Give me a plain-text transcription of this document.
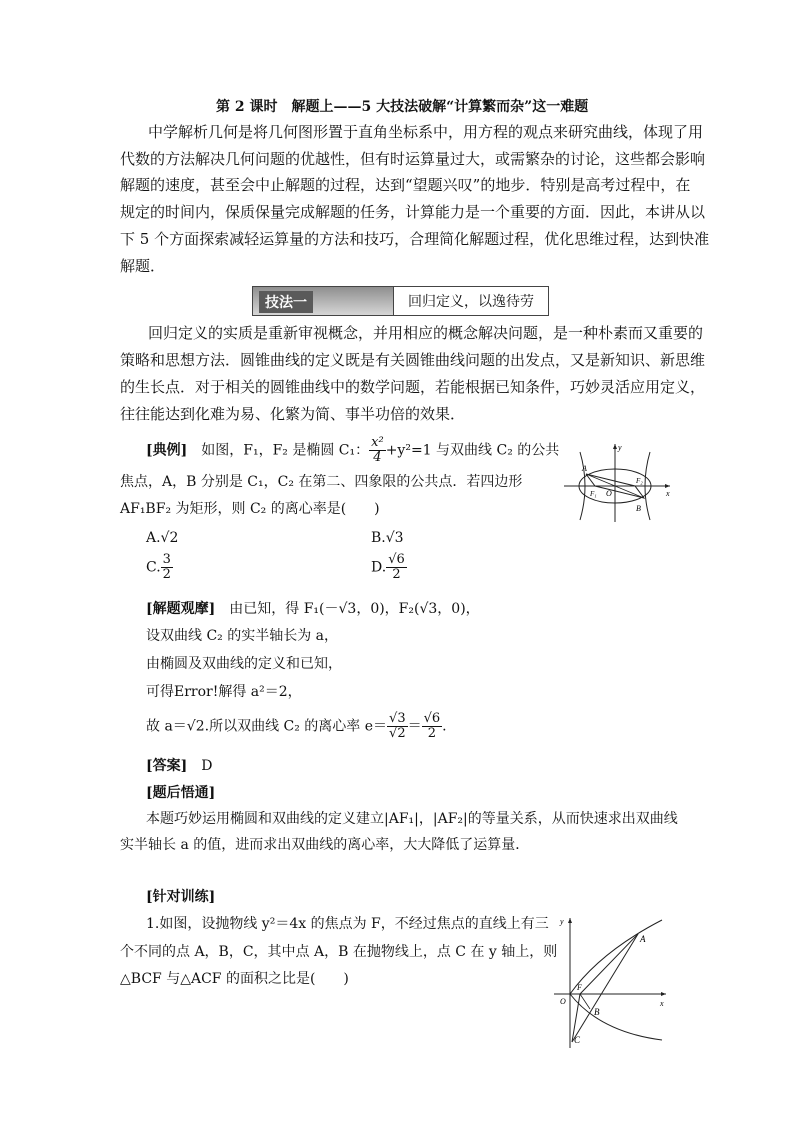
第 2 课时　解题上——5 大技法破解“计算繁而杂”这一难题
中学解析几何是将几何图形置于直角坐标系中，用方程的观点来研究曲线，体现了用
代数的方法解决几何问题的优越性，但有时运算量过大，或需繁杂的讨论，这些都会影响
解题的速度，甚至会中止解题的过程，达到“望题兴叹”的地步．特别是高考过程中，在
规定的时间内，保质保量完成解题的任务，计算能力是一个重要的方面．因此，本讲从以
下 5 个方面探索减轻运算量的方法和技巧，合理简化解题过程，优化思维过程，达到快准
解题．
技法一	回归定义，以逸待劳
回归定义的实质是重新审视概念，并用相应的概念解决问题，是一种朴素而又重要的
策略和思想方法．圆锥曲线的定义既是有关圆锥曲线问题的出发点，又是新知识、新思维
的生长点．对于相关的圆锥曲线中的数学问题，若能根据已知条件，巧妙灵活应用定义，
往往能达到化难为易、化繁为简、事半功倍的效果．
[典例]　如图，F₁，F₂ 是椭圆 C₁： $\frac{\text{x²}}{4} +y^2=1$ 与双曲线 C₂ 的公共
焦点，A，B 分别是 C₁，C₂ 在第二、四象限的公共点．若四边形
AF₁BF₂ 为矩形，则 C₂ 的离心率是(　　)
y
x
A
B
O
F₁
F₂
A.√2	B.√3
C. $\frac{3}{2}$	D. $\frac{√6}{2}$
[解题观摩]　由已知，得 F₁(－√3，0)，F₂(√3，0)，
设双曲线 C₂ 的实半轴长为 a，
由椭圆及双曲线的定义和已知，
可得Error!解得 a²＝2，
故 a＝√2.所以双曲线 C₂ 的离心率 $e= \frac{√3}{√2} = \frac{√6}{2}$ .
[答案]　D
[题后悟通]
本题巧妙运用椭圆和双曲线的定义建立|AF₁|，|AF₂|的等量关系，从而快速求出双曲线
实半轴长 a 的值，进而求出双曲线的离心率，大大降低了运算量．
[针对训练]
1.如图，设抛物线 y²＝4x 的焦点为 F，不经过焦点的直线上有三
个不同的点 A，B，C，其中点 A，B 在抛物线上，点 C 在 y 轴上，则
△BCF 与△ACF 的面积之比是(　　)
y
x
A
B
C
O
F
